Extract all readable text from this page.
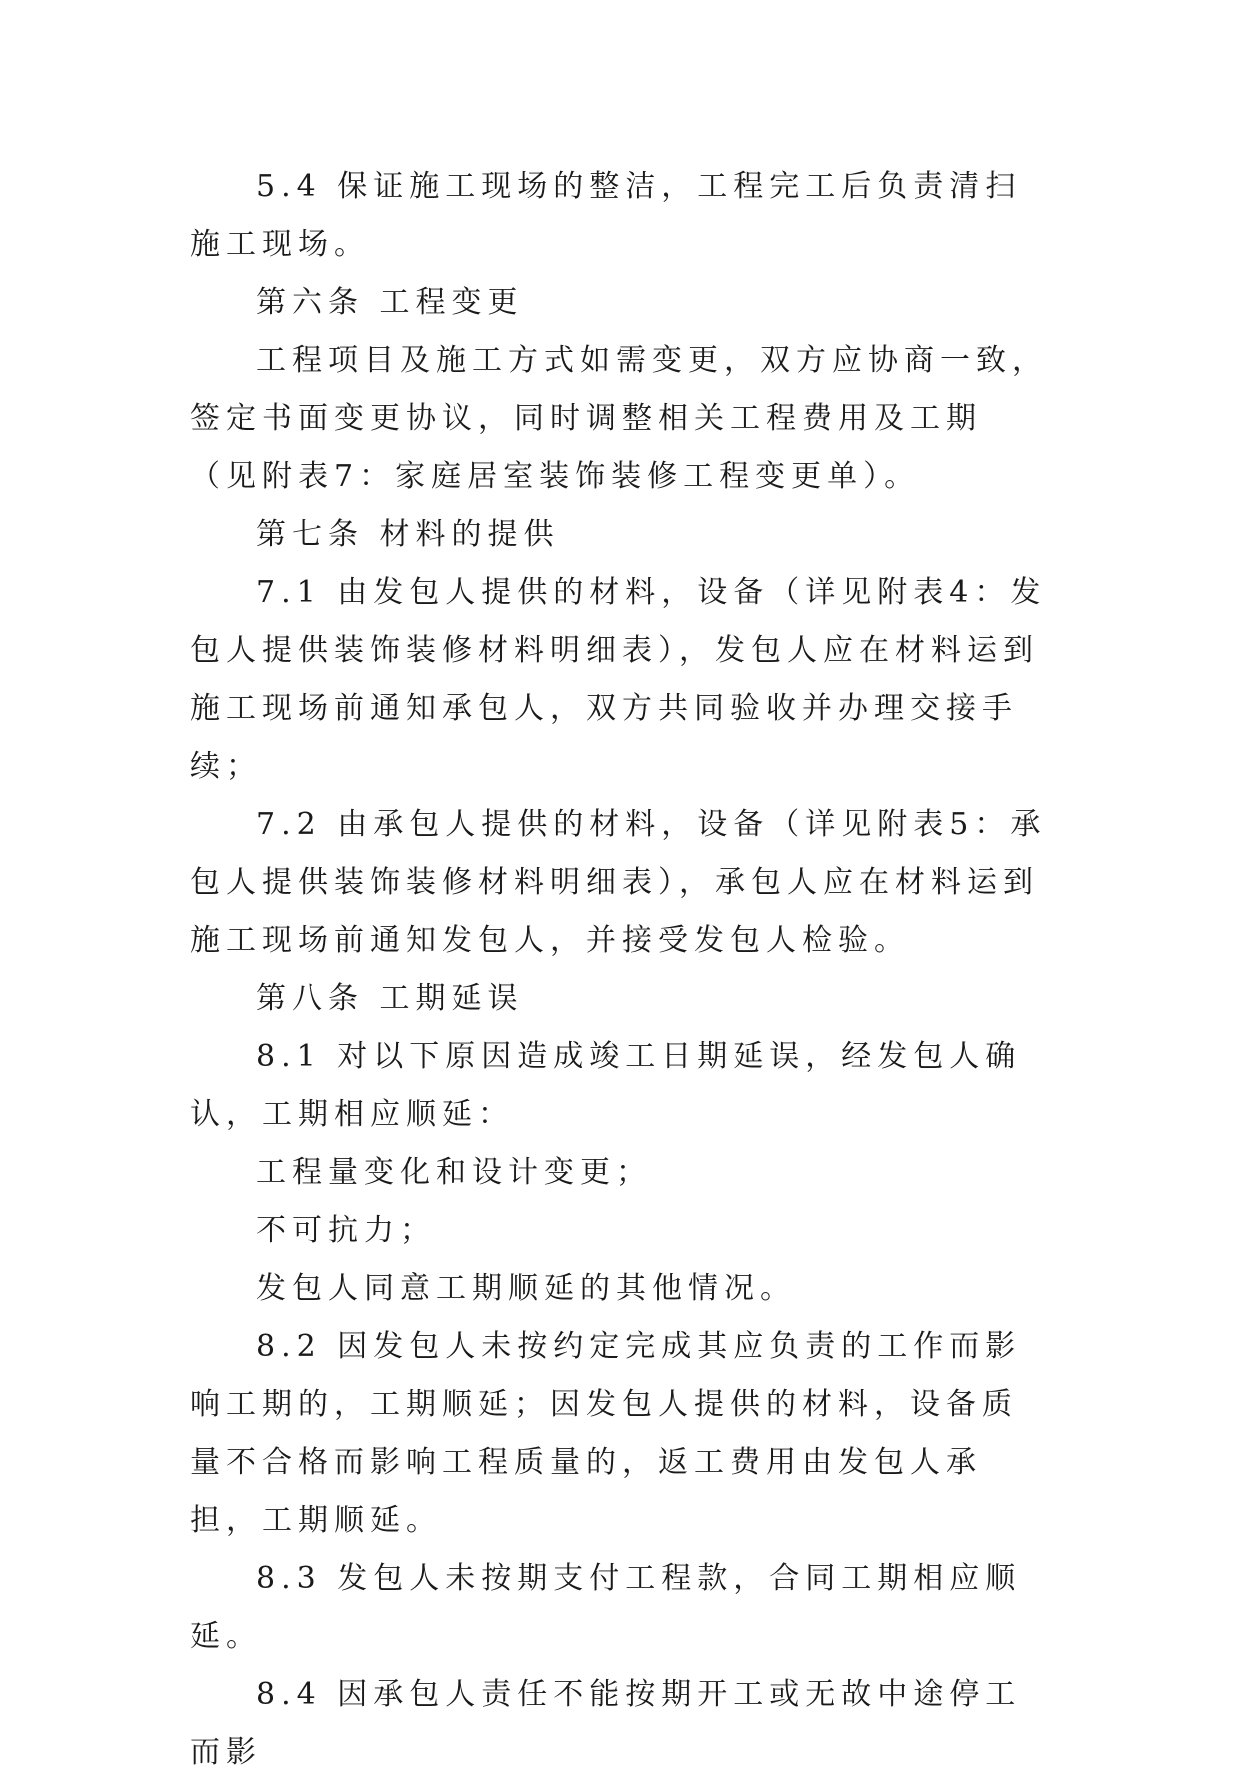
5.4 保证施工现场的整洁，工程完工后负责清扫施工现场。

第六条 工程变更

工程项目及施工方式如需变更，双方应协商一致，签定书面变更协议，同时调整相关工程费用及工期（见附表7：家庭居室装饰装修工程变更单）。

第七条 材料的提供

7.1 由发包人提供的材料，设备（详见附表4：发包人提供装饰装修材料明细表），发包人应在材料运到施工现场前通知承包人，双方共同验收并办理交接手续；

7.2 由承包人提供的材料，设备（详见附表5：承包人提供装饰装修材料明细表），承包人应在材料运到施工现场前通知发包人，并接受发包人检验。

第八条 工期延误

8.1 对以下原因造成竣工日期延误，经发包人确认，工期相应顺延：

工程量变化和设计变更；

不可抗力；

发包人同意工期顺延的其他情况。

8.2 因发包人未按约定完成其应负责的工作而影响工期的，工期顺延；因发包人提供的材料，设备质量不合格而影响工程质量的，返工费用由发包人承担，工期顺延。

8.3 发包人未按期支付工程款，合同工期相应顺延。

8.4 因承包人责任不能按期开工或无故中途停工而影
